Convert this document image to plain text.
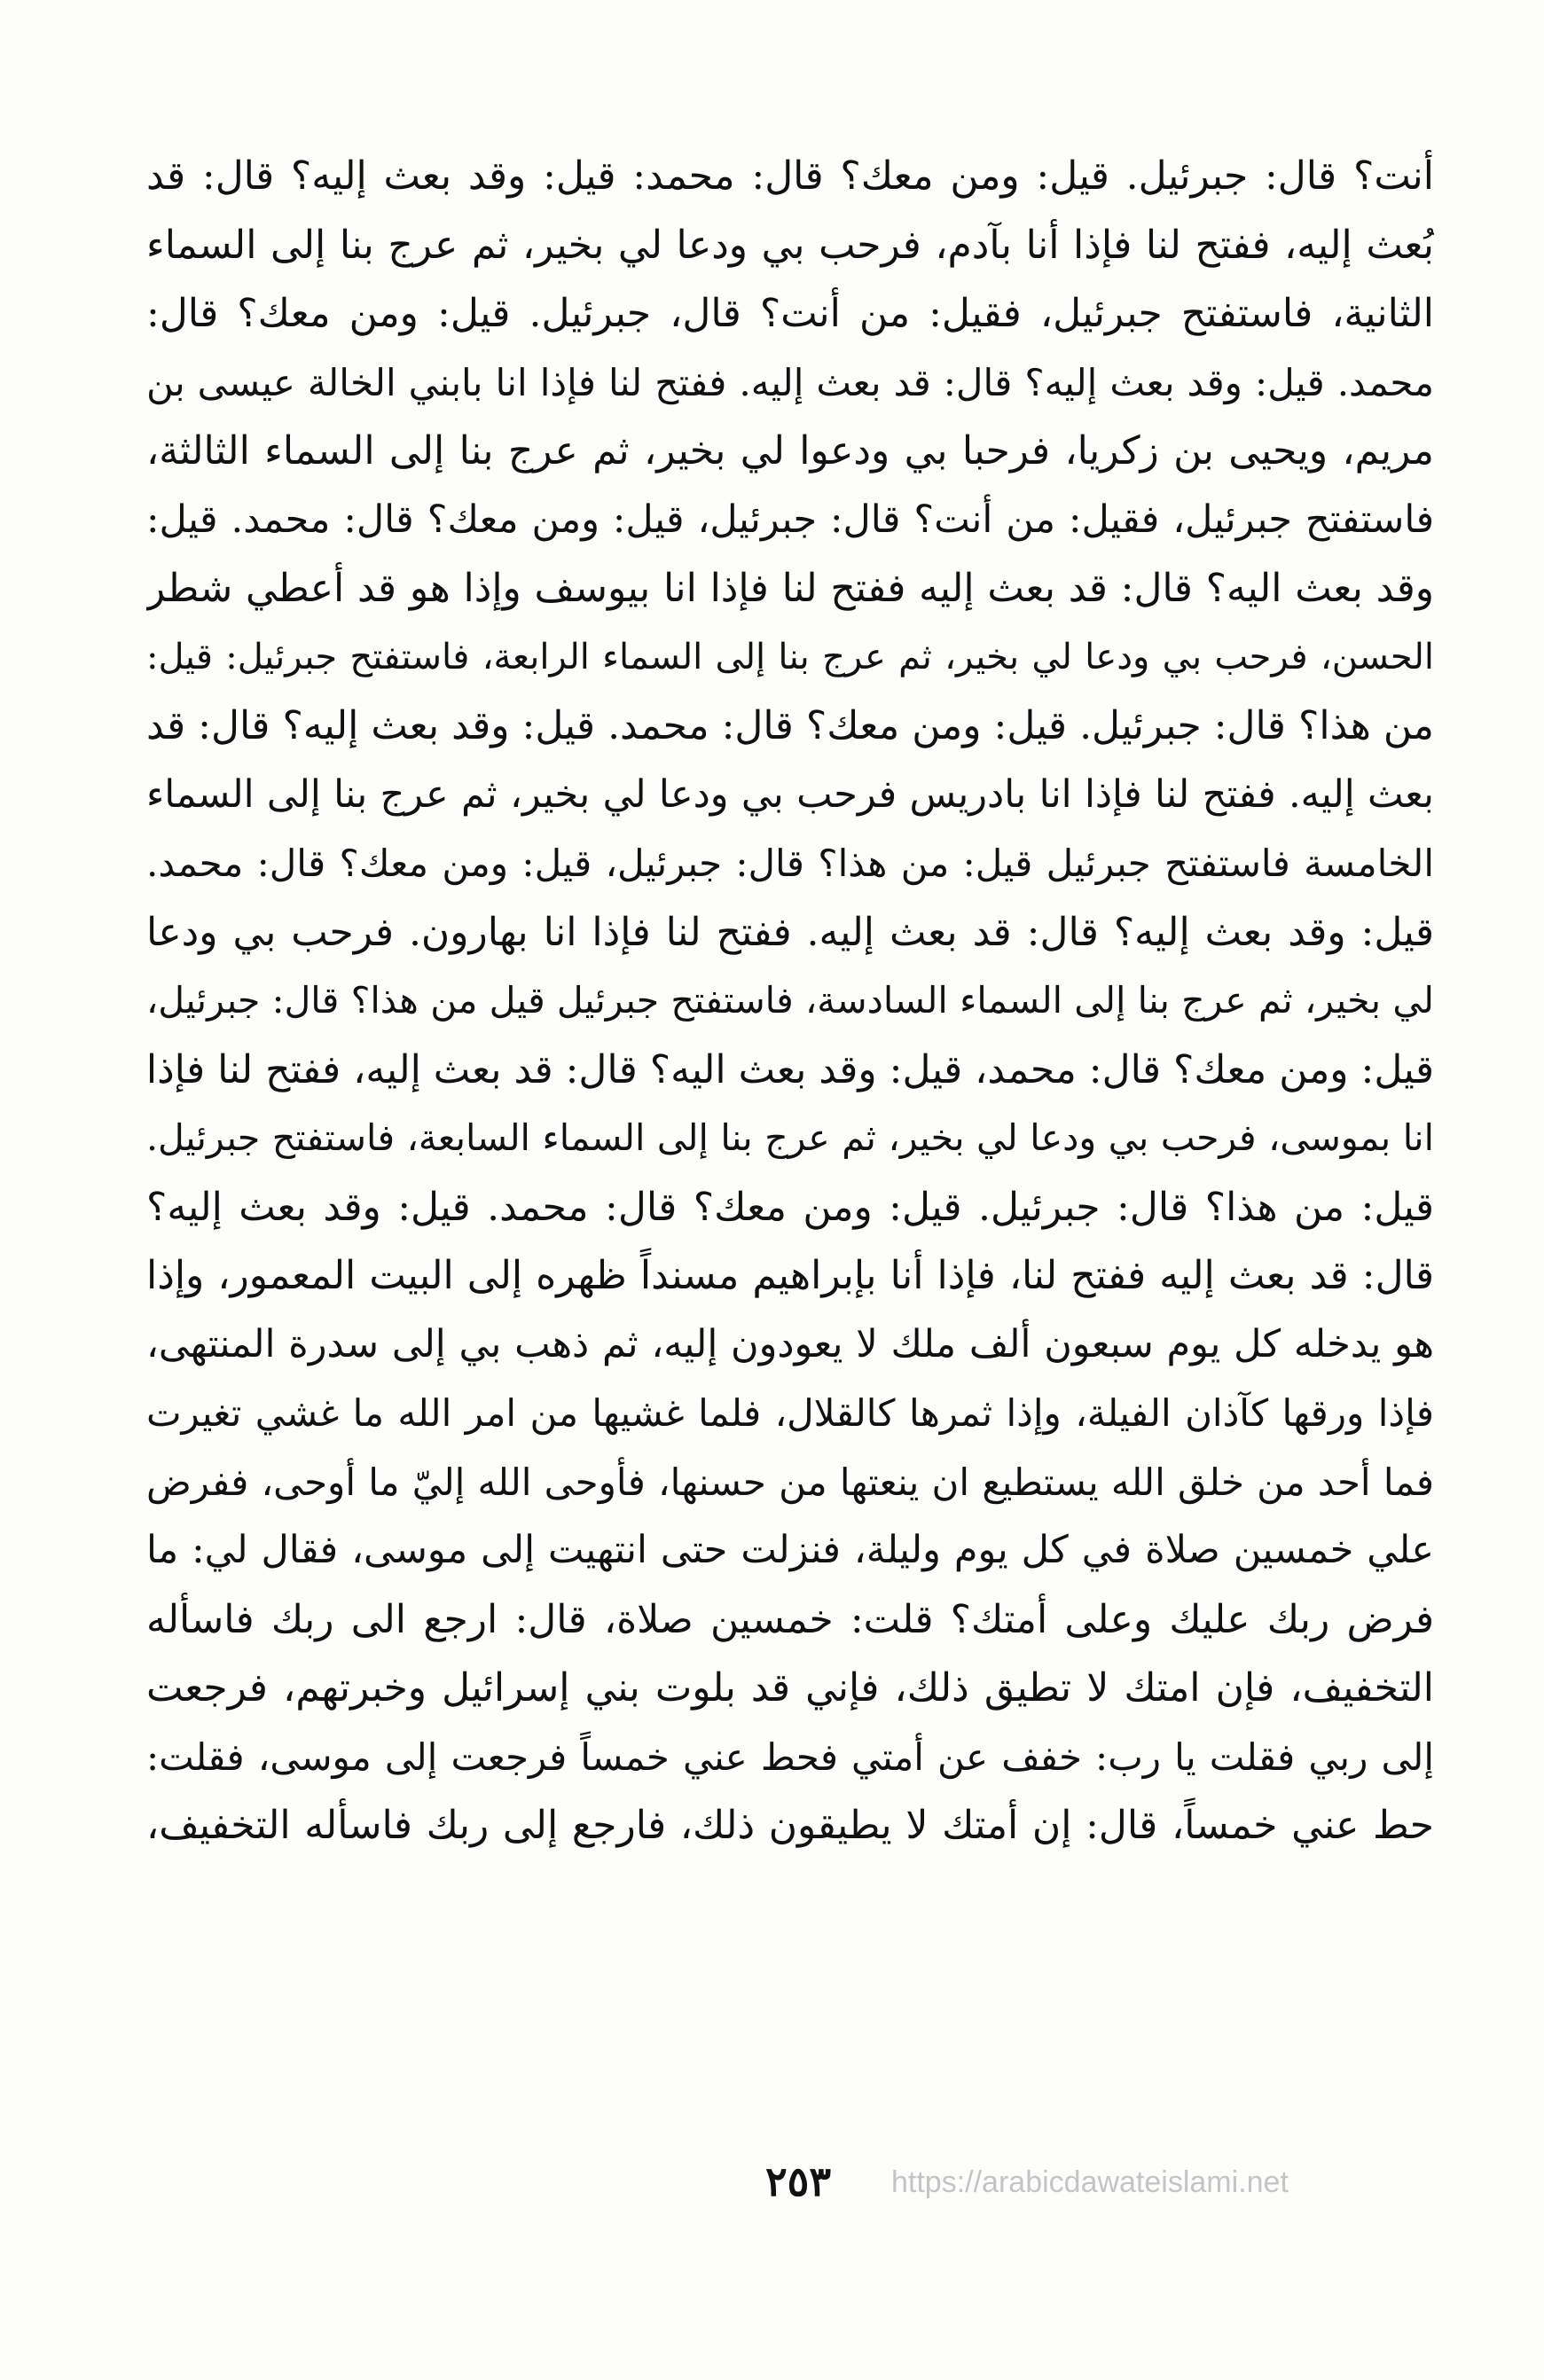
أنت؟ قال: جبرئيل. قيل: ومن معك؟ قال: محمد: قيل: وقد بعث إليه؟ قال: قد
بُعث إليه، ففتح لنا فإذا أنا بآدم، فرحب بي ودعا لي بخير، ثم عرج بنا إلى السماء
الثانية، فاستفتح جبرئيل، فقيل: من أنت؟ قال، جبرئيل. قيل: ومن معك؟ قال:
محمد. قيل: وقد بعث إليه؟ قال: قد بعث إليه. ففتح لنا فإذا انا بابني الخالة عيسى بن
مريم، ويحيى بن زكريا، فرحبا بي ودعوا لي بخير، ثم عرج بنا إلى السماء الثالثة،
فاستفتح جبرئيل، فقيل: من أنت؟ قال: جبرئيل، قيل: ومن معك؟ قال: محمد. قيل:
وقد بعث اليه؟ قال: قد بعث إليه ففتح لنا فإذا انا بيوسف وإذا هو قد أعطي شطر
الحسن، فرحب بي ودعا لي بخير، ثم عرج بنا إلى السماء الرابعة، فاستفتح جبرئيل: قيل:
من هذا؟ قال: جبرئيل. قيل: ومن معك؟ قال: محمد. قيل: وقد بعث إليه؟ قال: قد
بعث إليه. ففتح لنا فإذا انا بادريس فرحب بي ودعا لي بخير، ثم عرج بنا إلى السماء
الخامسة فاستفتح جبرئيل قيل: من هذا؟ قال: جبرئيل، قيل: ومن معك؟ قال: محمد.
قيل: وقد بعث إليه؟ قال: قد بعث إليه. ففتح لنا فإذا انا بهارون. فرحب بي ودعا
لي بخير، ثم عرج بنا إلى السماء السادسة، فاستفتح جبرئيل قيل من هذا؟ قال: جبرئيل،
قيل: ومن معك؟ قال: محمد، قيل: وقد بعث اليه؟ قال: قد بعث إليه، ففتح لنا فإذا
انا بموسى، فرحب بي ودعا لي بخير، ثم عرج بنا إلى السماء السابعة، فاستفتح جبرئيل.
قيل: من هذا؟ قال: جبرئيل. قيل: ومن معك؟ قال: محمد. قيل: وقد بعث إليه؟
قال: قد بعث إليه ففتح لنا، فإذا أنا بإبراهيم مسنداً ظهره إلى البيت المعمور، وإذا
هو يدخله كل يوم سبعون ألف ملك لا يعودون إليه، ثم ذهب بي إلى سدرة المنتهى،
فإذا ورقها كآذان الفيلة، وإذا ثمرها كالقلال، فلما غشيها من امر الله ما غشي تغيرت
فما أحد من خلق الله يستطيع ان ينعتها من حسنها، فأوحى الله إليّ ما أوحى، ففرض
علي خمسين صلاة في كل يوم وليلة، فنزلت حتى انتهيت إلى موسى، فقال لي: ما
فرض ربك عليك وعلى أمتك؟ قلت: خمسين صلاة، قال: ارجع الى ربك فاسأله
التخفيف، فإن امتك لا تطيق ذلك، فإني قد بلوت بني إسرائيل وخبرتهم، فرجعت
إلى ربي فقلت يا رب: خفف عن أمتي فحط عني خمساً فرجعت إلى موسى، فقلت:
حط عني خمساً، قال: إن أمتك لا يطيقون ذلك، فارجع إلى ربك فاسأله التخفيف،
٢٥٣	https://arabicdawateislami.net
